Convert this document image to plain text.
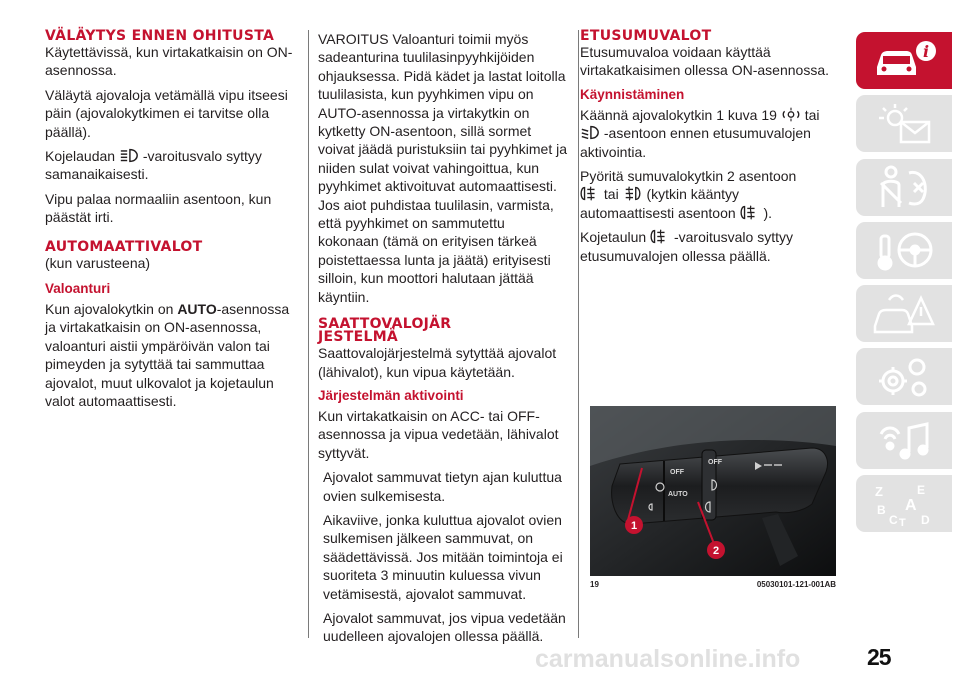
VÄLÄYTYS ENNEN OHITUSTA

Käytettävissä, kun virtakatkaisin on ON-asennossa.

Väläytä ajovaloja vetämällä vipu itseesi päin (ajovalokytkimen ei tarvitse olla päällä).

Kojelaudan  -varoitusvalo syttyy samanaikaisesti.

Vipu palaa normaaliin asentoon, kun päästät irti.

AUTOMAATTIVALOT
(kun varusteena)
Valoanturi

Kun ajovalokytkin on AUTO-asennossa ja virtakatkaisin on ON-asennossa, valoanturi aistii ympäröivän valon tai pimeyden ja sytyttää tai sammuttaa ajovalot, muut ulkovalot ja kojetaulun valot automaattisesti.

VAROITUS Valoanturi toimii myös sadeanturina tuulilasinpyyhkijöiden ohjauksessa. Pidä kädet ja lastat loitolla tuulilasista, kun pyyhkimen vipu on AUTO-asennossa ja virtakytkin on kytketty ON-asentoon, sillä sormet voivat jäädä puristuksiin tai pyyhkimet ja niiden sulat voivat vahingoittua, kun pyyhkimet aktivoituvat automaattisesti. Jos aiot puhdistaa tuulilasin, varmista, että pyyhkimet on sammutettu kokonaan (tämä on erityisen tärkeä poistettaessa lunta ja jäätä) erityisesti silloin, kun moottori halutaan jättää käyntiin.

SAATTOVALOJÄR JESTELMÄ

Saattovalojärjestelmä sytyttää ajovalot (lähivalot), kun vipua käytetään.

Järjestelmän aktivointi

Kun virtakatkaisin on ACC- tai OFF-asennossa ja vipua vedetään, lähivalot syttyvät.

Ajovalot sammuvat tietyn ajan kuluttua ovien sulkemisesta.

Aikaviive, jonka kuluttua ajovalot ovien sulkemisen jälkeen sammuvat, on säädettävissä. Jos mitään toimintoja ei suoriteta 3 minuutin kuluessa vivun vetämisestä, ajovalot sammuvat.

Ajovalot sammuvat, jos vipua vedetään uudelleen ajovalojen ollessa päällä.

ETUSUMUVALOT

Etusumuvaloa voidaan käyttää virtakatkaisimen ollessa ON-asennossa.

Käynnistäminen

Käännä ajovalokytkin 1 kuva 19 tai  -asentoon ennen etusumuvalojen aktivointia.

Pyöritä sumuvalokytkin 2 asentoon
tai (kytkin kääntyy automaattisesti asentoon ).

Kojetaulun  -varoitusvalo syttyy etusumuvalojen ollessa päällä.

OFF
OFF
AUTO
1
2
19	05030101-121-001AB
i
Z	E
B A
C T D
carmanualsonline.info	25
